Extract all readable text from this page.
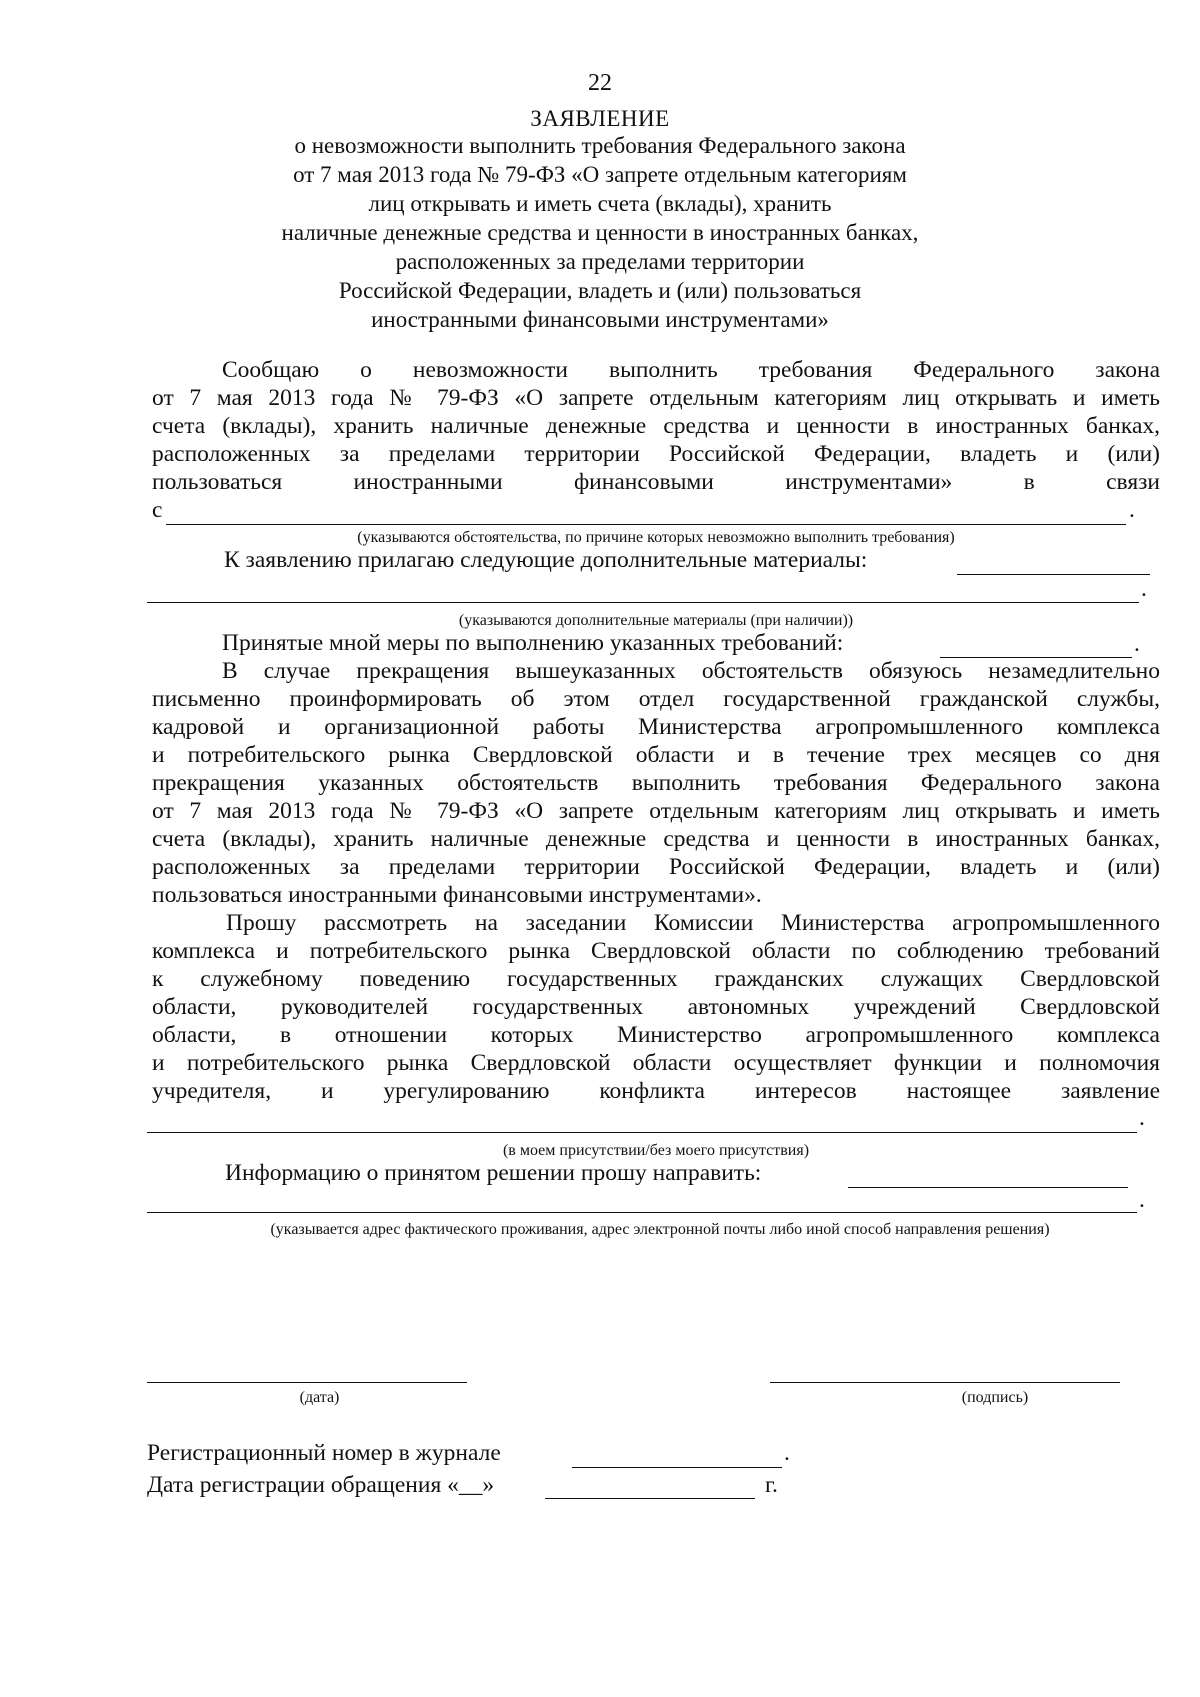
22
ЗАЯВЛЕНИЕ
о невозможности выполнить требования Федерального закона
от 7 мая 2013 года № 79-ФЗ «О запрете отдельным категориям
лиц открывать и иметь счета (вклады), хранить
наличные денежные средства и ценности в иностранных банках,
расположенных за пределами территории
Российской Федерации, владеть и (или) пользоваться
иностранными финансовыми инструментами»
Сообщаю о невозможности выполнить требования Федерального закона
от 7 мая 2013 года № 79-ФЗ «О запрете отдельным категориям лиц открывать и иметь
счета (вклады), хранить наличные денежные средства и ценности в иностранных банках,
расположенных за пределами территории Российской Федерации, владеть и (или)
пользоваться иностранными финансовыми инструментами» в связи
с	.
(указываются обстоятельства, по причине которых невозможно выполнить требования)
К заявлению прилагаю следующие дополнительные материалы:
.
(указываются дополнительные материалы (при наличии))
Принятые мной меры по выполнению указанных требований:	.
В случае прекращения вышеуказанных обстоятельств обязуюсь незамедлительно
письменно проинформировать об этом отдел государственной гражданской службы,
кадровой и организационной работы Министерства агропромышленного комплекса
и потребительского рынка Свердловской области и в течение трех месяцев со дня
прекращения указанных обстоятельств выполнить требования Федерального закона
от 7 мая 2013 года № 79-ФЗ «О запрете отдельным категориям лиц открывать и иметь
счета (вклады), хранить наличные денежные средства и ценности в иностранных банках,
расположенных за пределами территории Российской Федерации, владеть и (или)
пользоваться иностранными финансовыми инструментами».
Прошу рассмотреть на заседании Комиссии Министерства агропромышленного
комплекса и потребительского рынка Свердловской области по соблюдению требований
к служебному поведению государственных гражданских служащих Свердловской
области, руководителей государственных автономных учреждений Свердловской
области, в отношении которых Министерство агропромышленного комплекса
и потребительского рынка Свердловской области осуществляет функции и полномочия
учредителя, и урегулированию конфликта интересов настоящее заявление
.
(в моем присутствии/без моего присутствия)
Информацию о принятом решении прошу направить:
.
(указывается адрес фактического проживания, адрес электронной почты либо иной способ направления решения)
(дата)	(подпись)
Регистрационный номер в журнале	.
Дата регистрации обращения «__»	г.
